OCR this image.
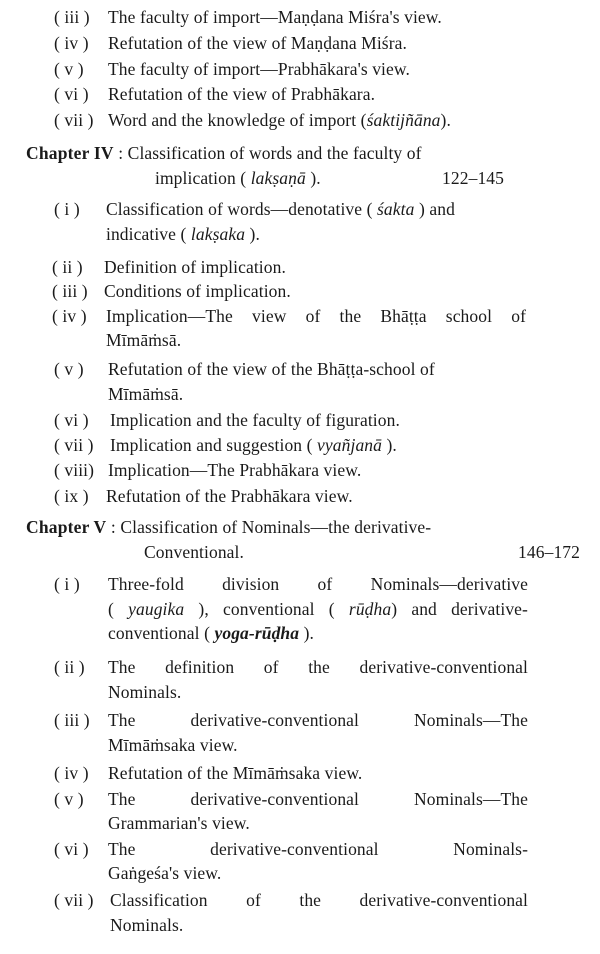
( iii ) The faculty of import—Maṇḍana Miśra's view.
( iv ) Refutation of the view of Maṇḍana Miśra.
( v ) The faculty of import—Prabhākara's view.
( vi ) Refutation of the view of Prabhākara.
( vii ) Word and the knowledge of import (śaktijñāna).
Chapter IV : Classification of words and the faculty of
implication ( lakṣaṇā ).	122–145
( i ) Classification of words—denotative ( śakta ) and
indicative ( lakṣaka ).
( ii ) Definition of implication.
( iii ) Conditions of implication.
( iv ) Implication—The view of the Bhāṭṭa school of
Mīmāṁsā.
( v ) Refutation of the view of the Bhāṭṭa-school of
Mīmāṁsā.
( vi ) Implication and the faculty of figuration.
( vii ) Implication and suggestion ( vyañjanā ).
( viii) Implication—The Prabhākara view.
( ix ) Refutation of the Prabhākara view.
Chapter V : Classification of Nominals—the derivative-
Conventional.	146–172
( i ) Three-fold division of Nominals—derivative
( yaugika ), conventional ( rūḍha) and derivative-
conventional ( yoga-rūḍha ).
( ii ) The definition of the derivative-conventional
Nominals.
( iii ) The derivative-conventional Nominals—The
Mīmāṁsaka view.
( iv ) Refutation of the Mīmāṁsaka view.
( v ) The derivative-conventional Nominals—The
Grammarian's view.
( vi ) The derivative-conventional Nominals-
Gaṅgeśa's view.
( vii ) Classification of the derivative-conventional
Nominals.
